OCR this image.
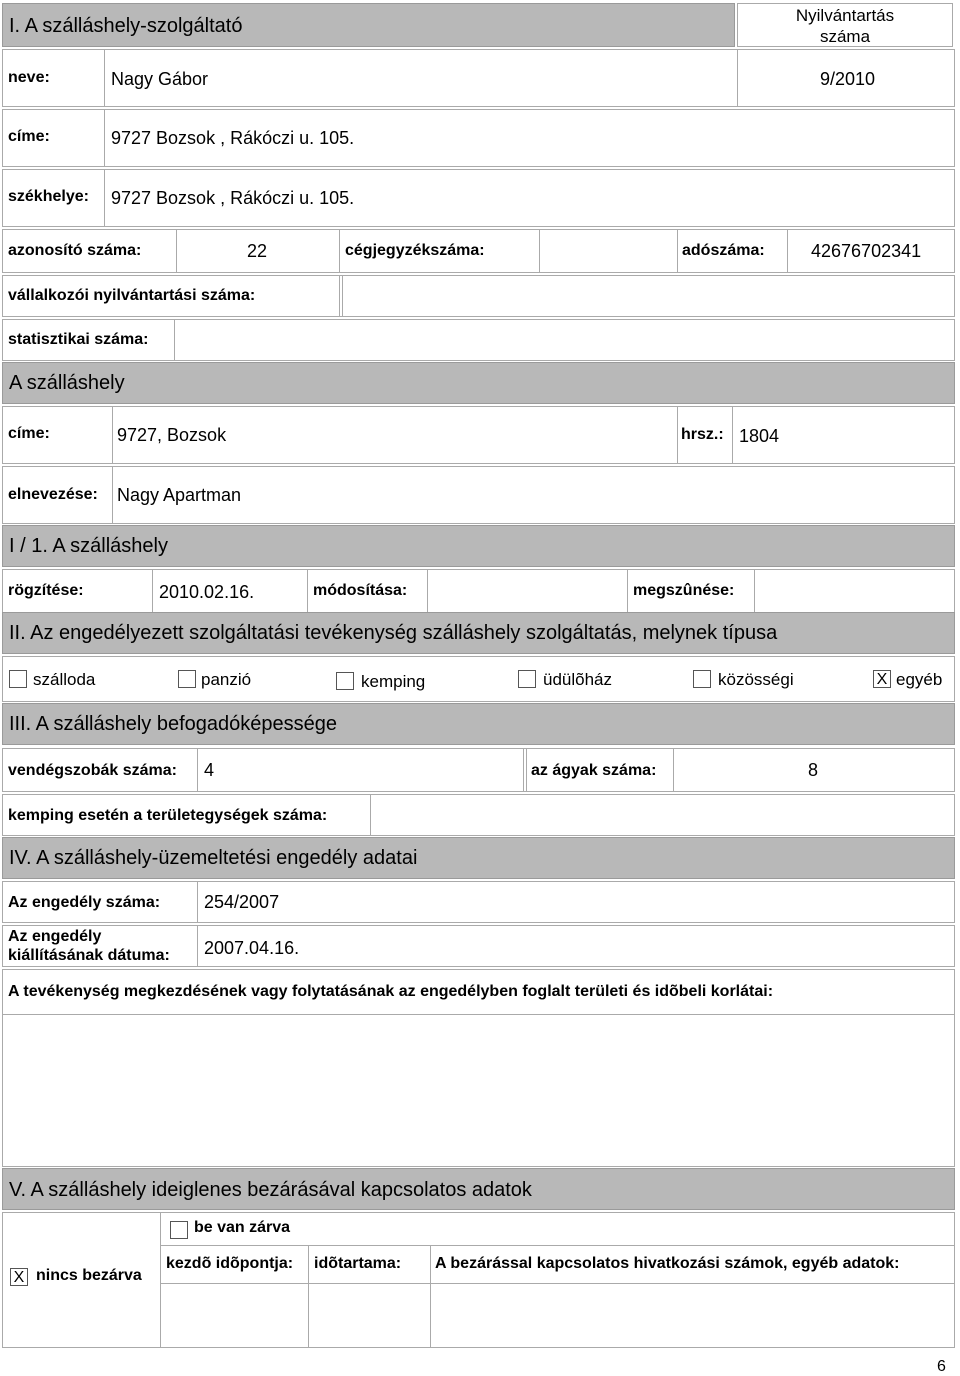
I. A szálláshely-szolgáltató	Nyilvántartás
száma
neve:	Nagy Gábor	9/2010
címe:	9727 Bozsok , Rákóczi u. 105.
székhelye: 9727 Bozsok , Rákóczi u. 105.
azonosító száma:	22	cégjegyzékszáma:	adószáma:	42676702341
vállalkozói nyilvántartási száma:
statisztikai száma:
A szálláshely
címe:	9727, Bozsok	hrsz.: 1804
elnevezése: Nagy Apartman
I / 1. A szálláshely
rögzítése:	2010.02.16.	módosítása:	megszûnése:
II. Az engedélyezett szolgáltatási tevékenység szálláshely szolgáltatás, melynek típusa
szálloda	panzió	kemping	üdülõház	közösségi	X egyéb
III. A szálláshely befogadóképessége
vendégszobák száma: 4	az ágyak száma:	8
kemping esetén a területegységek száma:
IV. A szálláshely-üzemeltetési engedély adatai
Az engedély száma: 254/2007
Az engedély
kiállításának dátuma: 2007.04.16.
A tevékenység megkezdésének vagy folytatásának az engedélyben foglalt területi és idõbeli korlátai:
V. A szálláshely ideiglenes bezárásával kapcsolatos adatok
X nincs bezárva
be van zárva
kezdõ idõpontja: idõtartama: A bezárással kapcsolatos hivatkozási számok, egyéb adatok:
6
